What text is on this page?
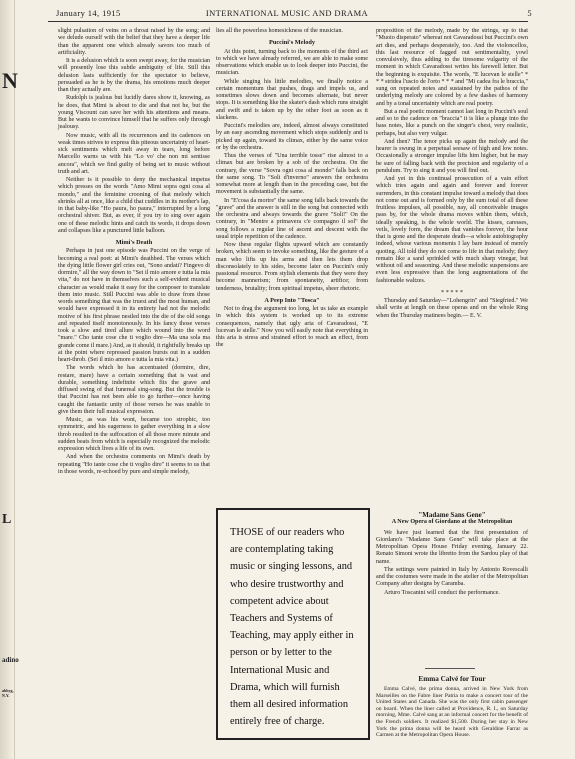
N
L
adino
abhyg, N.Y.
January 14, 1915	INTERNATIONAL MUSIC AND DRAMA	5

slight pulsation of veins on a throat raised by the song; and we delude ourself with the belief that they have a deeper life than the apparent one which already savors too much of artificiality.

It is a delusion which is soon swept away, for the musician will presently lose this subtle ambiguity of life. Still this delusion lasts sufficiently for the spectator to believe, persuaded as he is by the drama, his emotions much deeper than they actually are.

Rudolph is jealous but lucidly dares show it, knowing, as he does, that Mimi is about to die and that not he, but the young Viscount can save her with his attentions and means. But he wants to convince himself that he suffers only through jealousy.

Now music, with all its recurrences and its cadences on weak times strives to express this piteous uncertainty of heart-sick sentiments which melt away in tears, long before Marcello warns us with his "Lo vo' che non mi sentisse ancora", which we find guilty of being set to music without truth and art.

Neither is it possible to deny the mechanical impetus which presses on the words "Amo Mimi sopra ogni cosa al mondo," and the feminine crooning of that melody which shrinks all at once, like a child that cuddles in its mother's lap, in that baby-like "Ho paura, ho paura," interrupted by a long orchestral shiver. But, as ever, if you try to sing over again one of these melodic hints and catch its words, it drops down and collapses like a punctured little balloon.

Mimi's Death

Perhaps in just one episode was Puccini on the verge of becoming a real poet: at Mimi's deathbed. The verses which the dying little flower girl cries out, "Sono andati? Fingevo di dormire," all the way down to "Sei il mio amore e tutta la mia vita," do not have in themselves such a self-evident musical character as would make it easy for the composer to translate them into music. Still Puccini was able to draw from those words something that was the truest and the most human, and would have expressed it in its entirety had not the melodic motive of his first phrase nestled into the die of the old songs and repeated itself monotonously. In his fancy those verses took a slow and tired allure which wound into the word "mare." Cho tante cose che ti voglio dire—Ma una sola ma grande come il mare.) And, as it should, it rightfully breaks up at the point where repressed passion bursts out in a sudden heart-throb. (Sei il mio amore e tutta la mia vita.)

The words which he has accentuated (dormire, dire, restare, mare) have a certain something that is vast and durable, something indefinite which fits the grave and diffused swing of that funereal sing-song. But the trouble is that Puccini has not been able to go further—once having caught the fantastic unity of those verses he was unable to give them their full musical expression.

Music, as was his wont, became too strophic, too symmetric, and his eagerness to gather everything in a slow throb resulted in the suffocation of all those more minute and sudden beats from which is especially recognized the melodic expression which lives a life of its own.

And when the orchestra comments on Mimi's death by repeating "Ho tante cose che ti voglio dire" it seems to us that in those words, re-echoed by pure and simple melody,

lies all the powerless homesickness of the musician.

Puccini's Melody

At this point, turning back to the moments of the third act to which we have already referred, we are able to make some observations which enable us to look deeper into Puccini, the musician.

While singing his little melodies, we finally notice a certain momentum that pushes, drags and impels us, and sometimes slows down and becomes alternate, but never stops. It is something like the skater's dash which runs straight and swift and is taken up by the other foot as soon as it slackens.

Puccini's melodies are, indeed, almost always constituted by an easy ascending movement which stops suddenly and is picked up again, toward its climax, either by the same voice or by the orchestra.

Thus the verses of "Una terrible tosse" rise almost to a climax but are broken by a sob of the orchestra. On the contrary, the verse "Sovra ogni cosa al mondo" falls back on the same song. To "Soli d'inverno" answers the orchestra somewhat more at length than in the preceding case, but the movement is substantially the same.

In "E'cosa da morire" the same song falls back towards the "grave" and the answer is still in the song but connected with the orchestra and always towards the grave "Soli!" On the contrary, in "Mentre a primavera c'e compagno il sol" the song follows a regular line of ascent and descent with the usual triple repetition of the cadence.

Now these regular flights upward which are constantly broken, which seem to invoke something, like the gesture of a man who lifts up his arms and then lets them drop disconsolately to his sides, become later on Puccini's only passional resource. From stylish elements that they were they become mannerism; from spontaneity, artifice; from tenderness, brutality; from spiritual impetus, sheer rhetoric.

A Peep Into "Tosca"

Not to drag the argument too long, let us take an example in which this system is worked up to its extreme consequences, namely that ugly aria of Cavaradossi, "E lucevan le stelle." Now you will easily note that everything in this aria is stress and strained effort to reach an effect, from the

proposition of the melody, made by the strings, up to that "Muoio disperato" whereat not Cavaradossi but Puccini's own art dies, and perhaps desperately, too. And the violoncellos, this last resource of fagged out sentimentality, yowl convulsively, thus adding to the tiresome vulgarity of the moment in which Cavaradossi writes his farewell letter. But the beginning is exquisite. The words, "E lucevan le stelle" * * * stridea l'uscio de l'orto * * * and "Mi cadea fra le braccia," sung on repeated notes and sustained by the pathos of the underlying melody are colored by a few dashes of harmony and by a tonal uncertainty which are real poetry.

But a real poetic moment cannot last long in Puccini's soul and so to the cadence on "braccia" it is like a plunge into the bass notes, like a punch on the singer's chest, very realistic, perhaps, but also very vulgar.

And then? The tenor picks up again the melody and the hearer is swung in a perpetual seesaw of high and low notes. Occasionally a stronger impulse lifts him higher, but he may be sure of falling back with the precision and regularity of a pendulum. Try to sing it and you will find out.

And yet in this continual prosecution of a vain effort which tries again and again and forever and forever surrenders, in this constant impulse toward a melody that does not come out and is formed only by the sum total of all these fruitless impulses, all possible, nay, all conceivable images pass by, for the whole drama moves within them, which, ideally speaking, is the whole world. The kisses, caresses, veils, lovely form, the dream that vanishes forever, the hour that is gone and the desperate death—a whole autobiography indeed, whose various moments I lay bare instead of merely quoting. All told they do not come to life in that melody; they remain like a sand sprinkled with much sharp vinegar, but without oil and seasoning. And these melodic suspensions are even less expressive than the long augmentations of the fashionable waltzes.

* * * * *

Thursday and Saturday—"Lohengrin" and "Siegfried." We shall write at length on these operas and on the whole Ring when the Thursday matinees begin.— E. V.

THOSE of our readers who are contemplating taking music or singing lessons, and who desire trustworthy and competent advice about Teachers and Systems of Teaching, may apply either in person or by letter to the International Music and Drama, which will furnish them all desired information entirely free of charge.
"Madame Sans Gene"
A New Opera of Giordano at the Metropolitan

We have just learned that the first presentation of Giordano's "Madame Sans Gene" will take place at the Metropolitan Opera House Friday evening, January 22. Renato Simoni wrote the libretto from the Sardou play of that name.

The settings were painted in Italy by Antonio Rovescalli and the costumes were made in the atelier of the Metropolitan Company after designs by Caramba.

Arturo Toscanini will conduct the performance.

Emma Calvé for Tour

Emma Calvé, the prima donna, arrived in New York from Marseilles on the Fabre liner Patria to make a concert tour of the United States and Canada. She was the only first cabin passenger on board. When the liner called at Providence, R. I., on Saturday morning, Mme. Calvé sang at an informal concert for the benefit of the French soldiers. It realized $1,500. During her stay in New York the prima donna will be heard with Geraldine Farrar as Carmen at the Metropolitan Opera House.
